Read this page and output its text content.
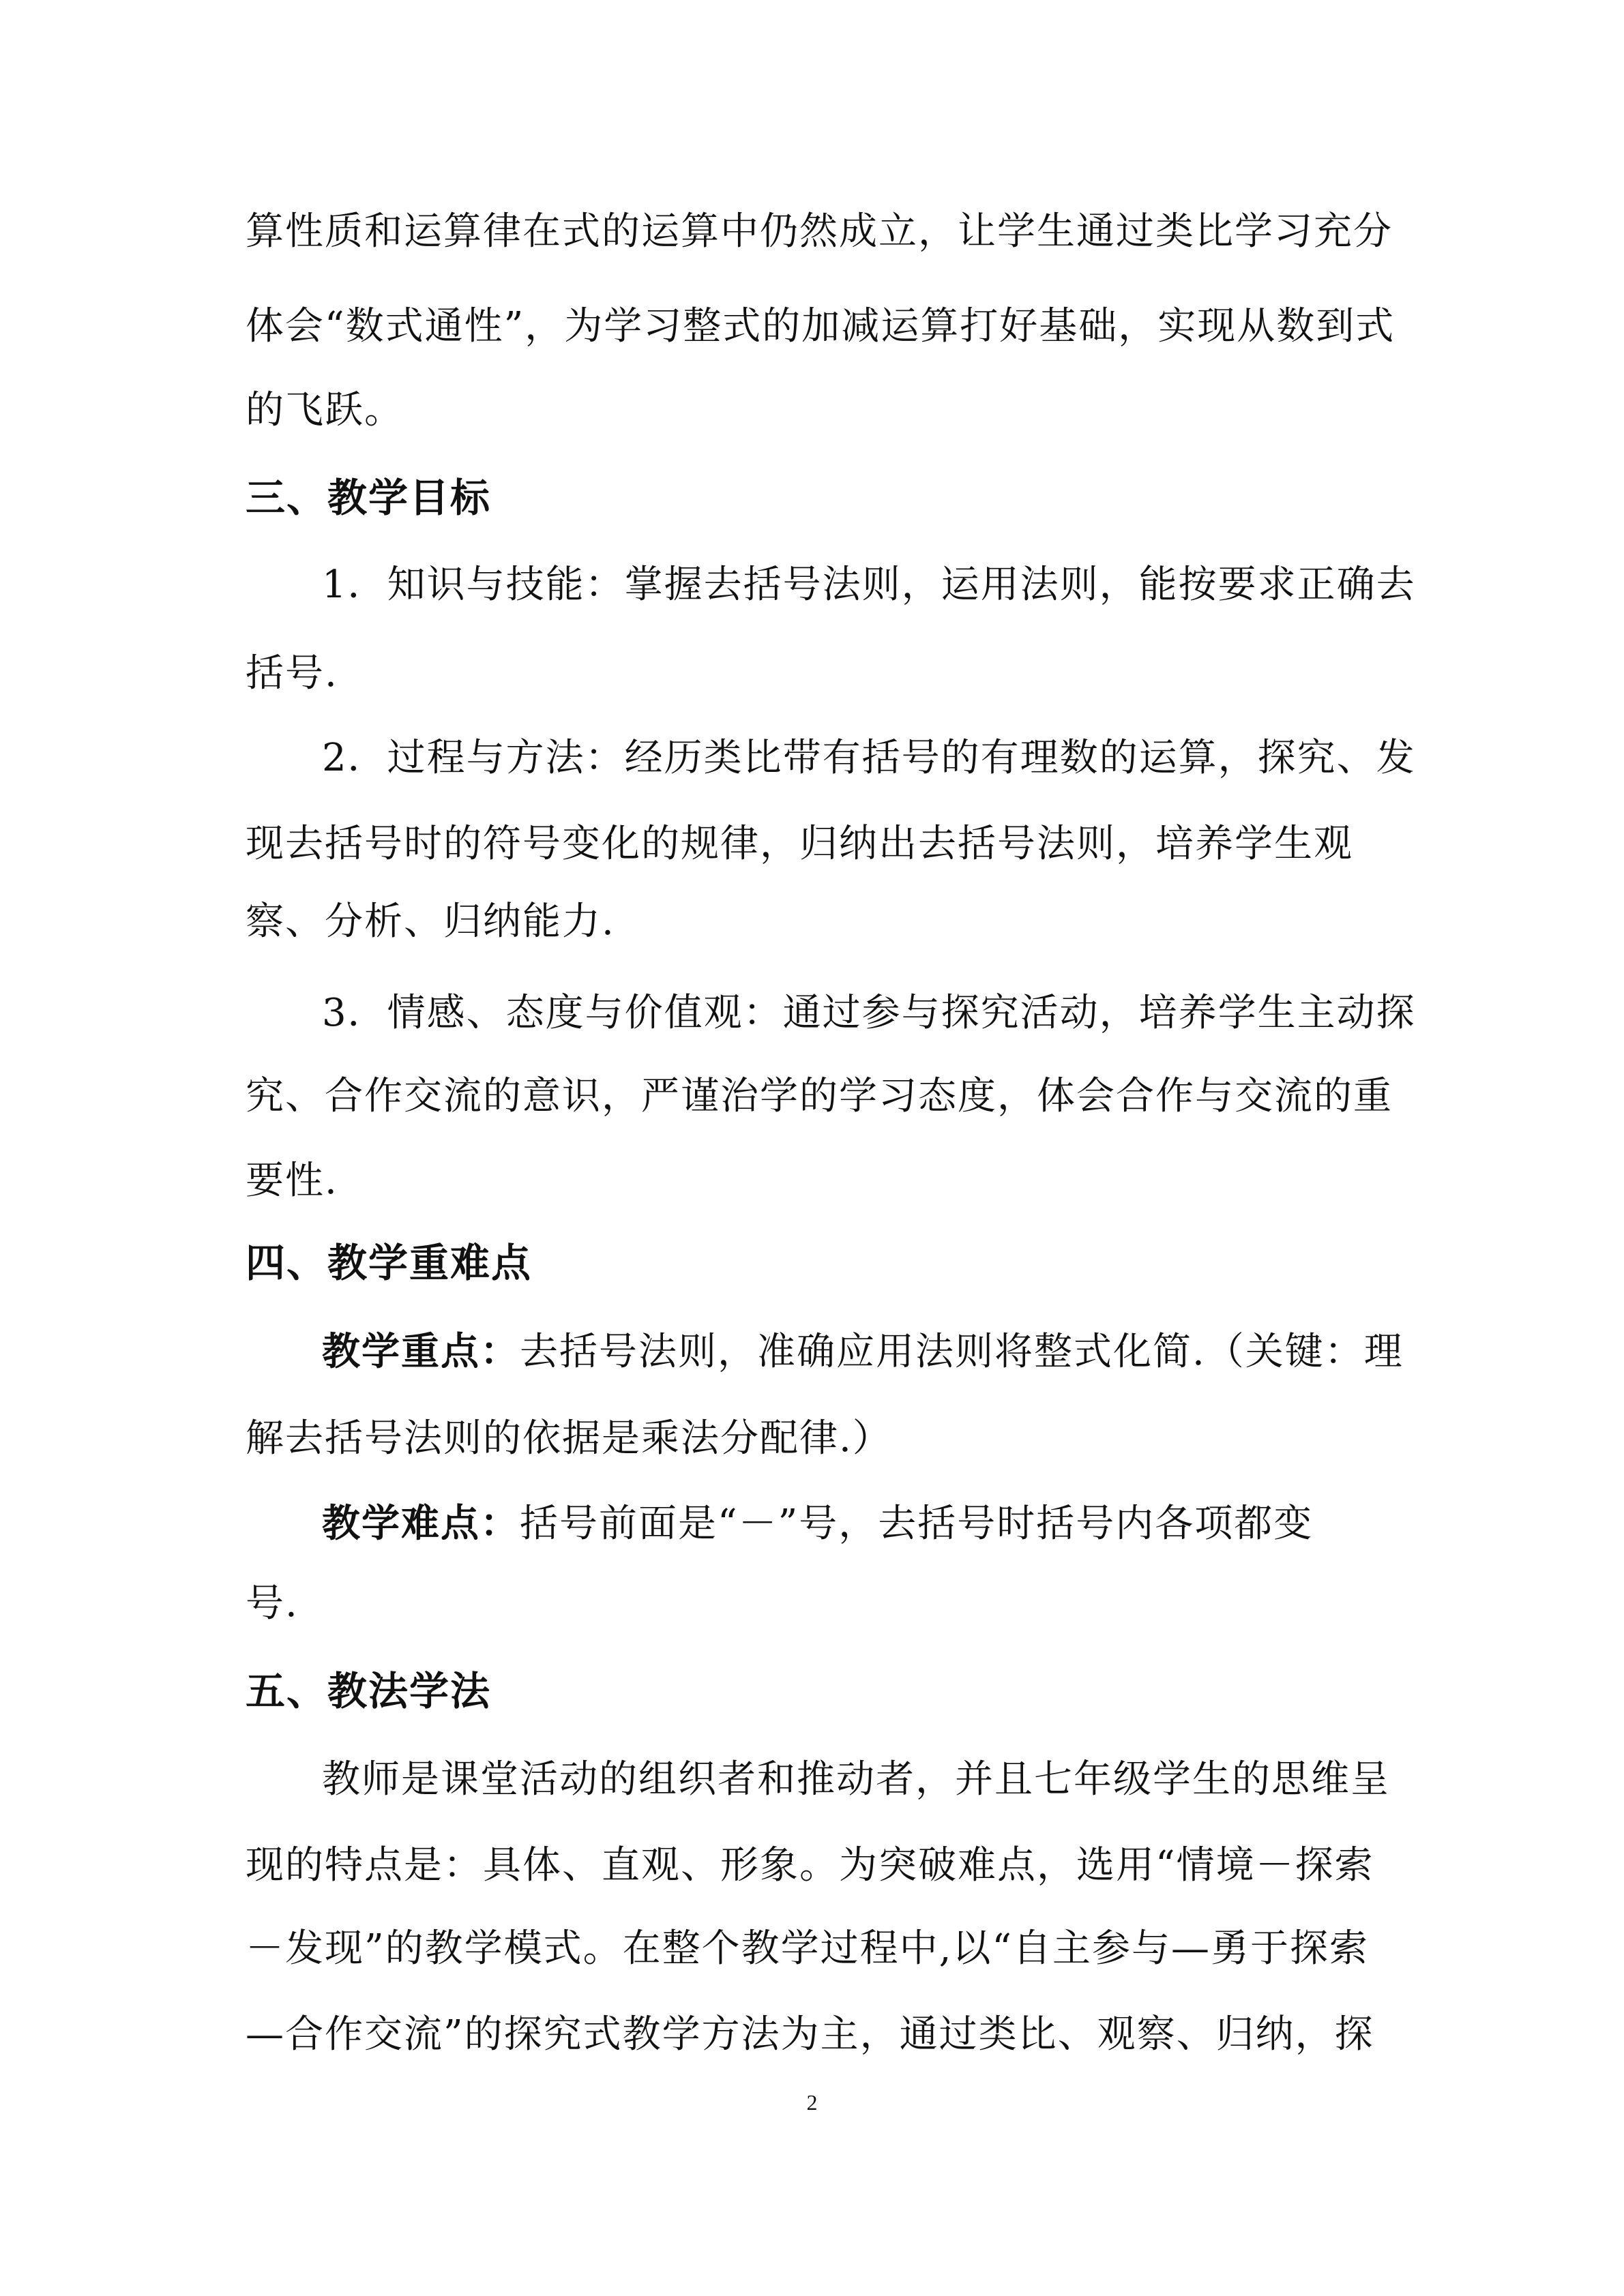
算性质和运算律在式的运算中仍然成立，让学生通过类比学习充分
体会“数式通性”，为学习整式的加减运算打好基础，实现从数到式
的飞跃。
三、教学目标
1．知识与技能：掌握去括号法则，运用法则，能按要求正确去
括号.
2．过程与方法：经历类比带有括号的有理数的运算，探究、发
现去括号时的符号变化的规律，归纳出去括号法则，培养学生观
察、分析、归纳能力.
3．情感、态度与价值观：通过参与探究活动，培养学生主动探
究、合作交流的意识，严谨治学的学习态度，体会合作与交流的重
要性.
四、教学重难点
教学重点：去括号法则，准确应用法则将整式化简.（关键：理
解去括号法则的依据是乘法分配律.）
教学难点：括号前面是“－”号，去括号时括号内各项都变
号.
五、教法学法
教师是课堂活动的组织者和推动者，并且七年级学生的思维呈
现的特点是：具体、直观、形象。为突破难点，选用“情境－探索
－发现”的教学模式。在整个教学过程中,以“自主参与—勇于探索
—合作交流”的探究式教学方法为主，通过类比、观察、归纳，探
2
